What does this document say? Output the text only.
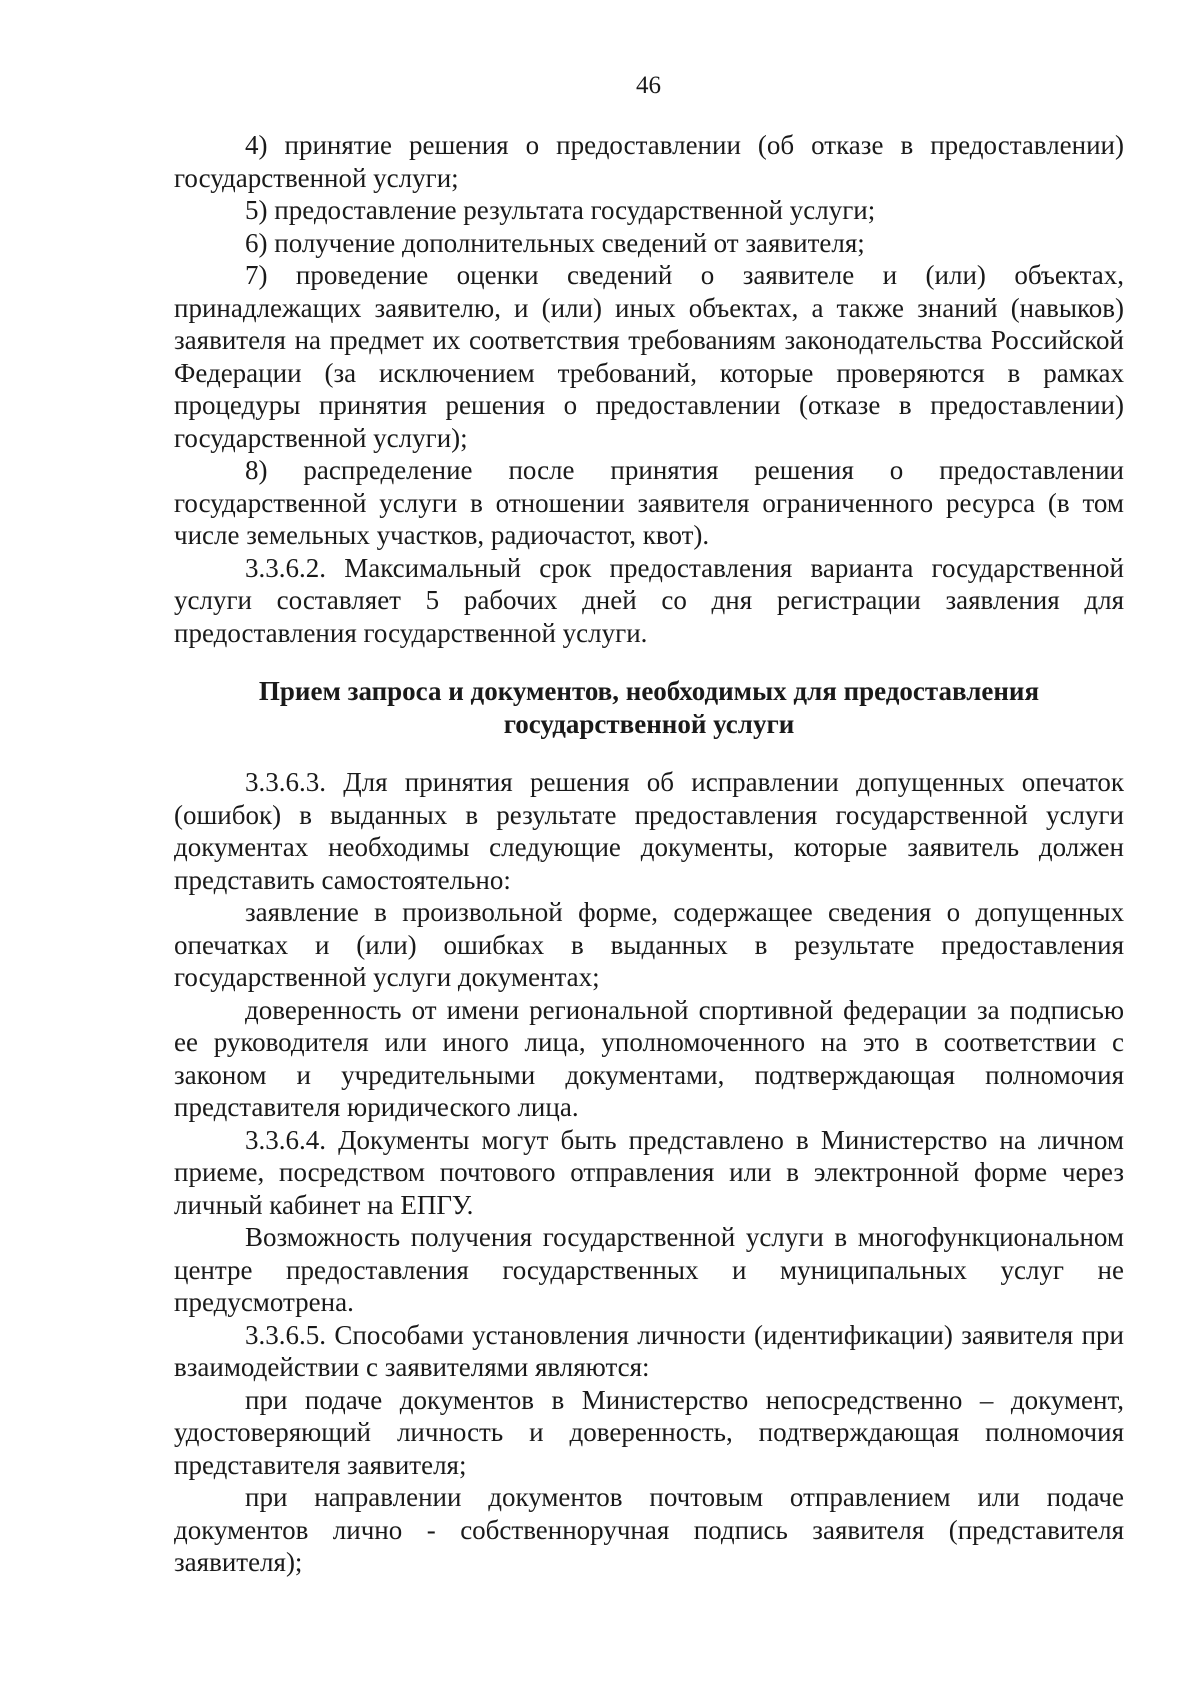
46

4) принятие решения о предоставлении (об отказе в предоставлении) государственной услуги;

5) предоставление результата государственной услуги;

6) получение дополнительных сведений от заявителя;

7) проведение оценки сведений о заявителе и (или) объектах, принадлежащих заявителю, и (или) иных объектах, а также знаний (навыков) заявителя на предмет их соответствия требованиям законодательства Российской Федерации (за исключением требований, которые проверяются в рамках процедуры принятия решения о предоставлении (отказе в предоставлении) государственной услуги);

8) распределение после принятия решения о предоставлении государственной услуги в отношении заявителя ограниченного ресурса (в том числе земельных участков, радиочастот, квот).

3.3.6.2. Максимальный срок предоставления варианта государственной услуги составляет 5 рабочих дней со дня регистрации заявления для предоставления государственной услуги.

Прием запроса и документов, необходимых для предоставления
государственной услуги

3.3.6.3. Для принятия решения об исправлении допущенных опечаток (ошибок) в выданных в результате предоставления государственной услуги документах необходимы следующие документы, которые заявитель должен представить самостоятельно:

заявление в произвольной форме, содержащее сведения о допущенных опечатках и (или) ошибках в выданных в результате предоставления государственной услуги документах;

доверенность от имени региональной спортивной федерации за подписью ее руководителя или иного лица, уполномоченного на это в соответствии с законом и учредительными документами, подтверждающая полномочия представителя юридического лица.

3.3.6.4. Документы могут быть представлено в Министерство на личном приеме, посредством почтового отправления или в электронной форме через личный кабинет на ЕПГУ.

Возможность получения государственной услуги в многофункциональном центре предоставления государственных и муниципальных услуг не предусмотрена.

3.3.6.5. Способами установления личности (идентификации) заявителя при взаимодействии с заявителями являются:

при подаче документов в Министерство непосредственно – документ, удостоверяющий личность и доверенность, подтверждающая полномочия представителя заявителя;

при направлении документов почтовым отправлением или подаче документов лично - собственноручная подпись заявителя (представителя заявителя);
